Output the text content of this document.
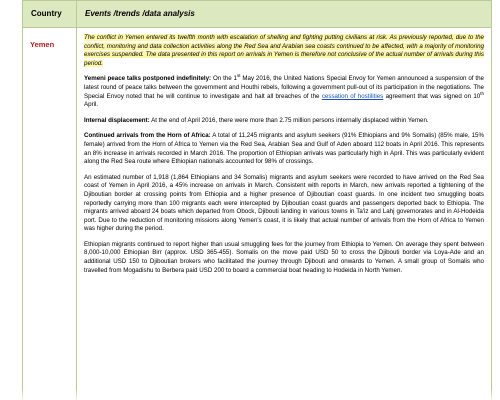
Country	Events /trends /data analysis
Yemen

The conflict in Yemen entered its twelfth month with escalation of shelling and fighting putting civilians at risk. As previously reported, due to the conflict, monitoring and data collection activities along the Red Sea and Arabian sea coasts continued to be affected, with a majority of monitoring exercises suspended. The data presented in this report on arrivals in Yemen is therefore not conclusive of the actual number of arrivals during this period.

Yemeni peace talks postponed indefinitely: On the 1st May 2016, the United Nations Special Envoy for Yemen announced a suspension of the latest round of peace talks between the government and Houthi rebels, following a government pull-out of its participation in the negotiations. The Special Envoy noted that he will continue to investigate and halt all breaches of the cessation of hostilities agreement that was signed on 10th April.

Internal displacement: At the end of April 2016, there were more than 2.75 million persons internally displaced within Yemen.

Continued arrivals from the Horn of Africa: A total of 11,245 migrants and asylum seekers (91% Ethiopians and 9% Somalis) (85% male, 15% female) arrived from the Horn of Africa to Yemen via the Red Sea, Arabian Sea and Gulf of Aden aboard 112 boats in April 2016. This represents an 8% increase in arrivals recorded in March 2016. The proportion of Ethiopian arrivals was particularly high in April. This was particularly evident along the Red Sea route where Ethiopian nationals accounted for 98% of crossings.

An estimated number of 1,918 (1,864 Ethiopians and 34 Somalis) migrants and asylum seekers were recorded to have arrived on the Red Sea coast of Yemen in April 2016, a 45% increase on arrivals in March. Consistent with reports in March, new arrivals reported a tightening of the Djiboutian border at crossing points from Ethiopia and a higher presence of Djiboutian coast guards. In one incident two smuggling boats reportedly carrying more than 100 migrants each were intercepted by Djiboutian coast guards and passengers deported back to Ethiopia. The migrants arrived aboard 24 boats which departed from Obock, Djibouti landing in various towns in Ta'iz and Lahj governorates and in Al-Hodeida port. Due to the reduction of monitoring missions along Yemen's coast, it is likely that actual number of arrivals from the Horn of Africa to Yemen was higher during the period.

Ethiopian migrants continued to report higher than usual smuggling fees for the journey from Ethiopia to Yemen. On average they spent between 8,000-10,000 Ethiopian Birr (approx. USD 365-455). Somalis on the move paid USD 50 to cross the Djibouti border via Loya-Ade and an additional USD 150 to Djiboutian brokers who facilitated the journey through Djibouti and onwards to Yemen. A small group of Somalis who travelled from Mogadishu to Berbera paid USD 200 to board a commercial boat heading to Hodeida in North Yemen.
